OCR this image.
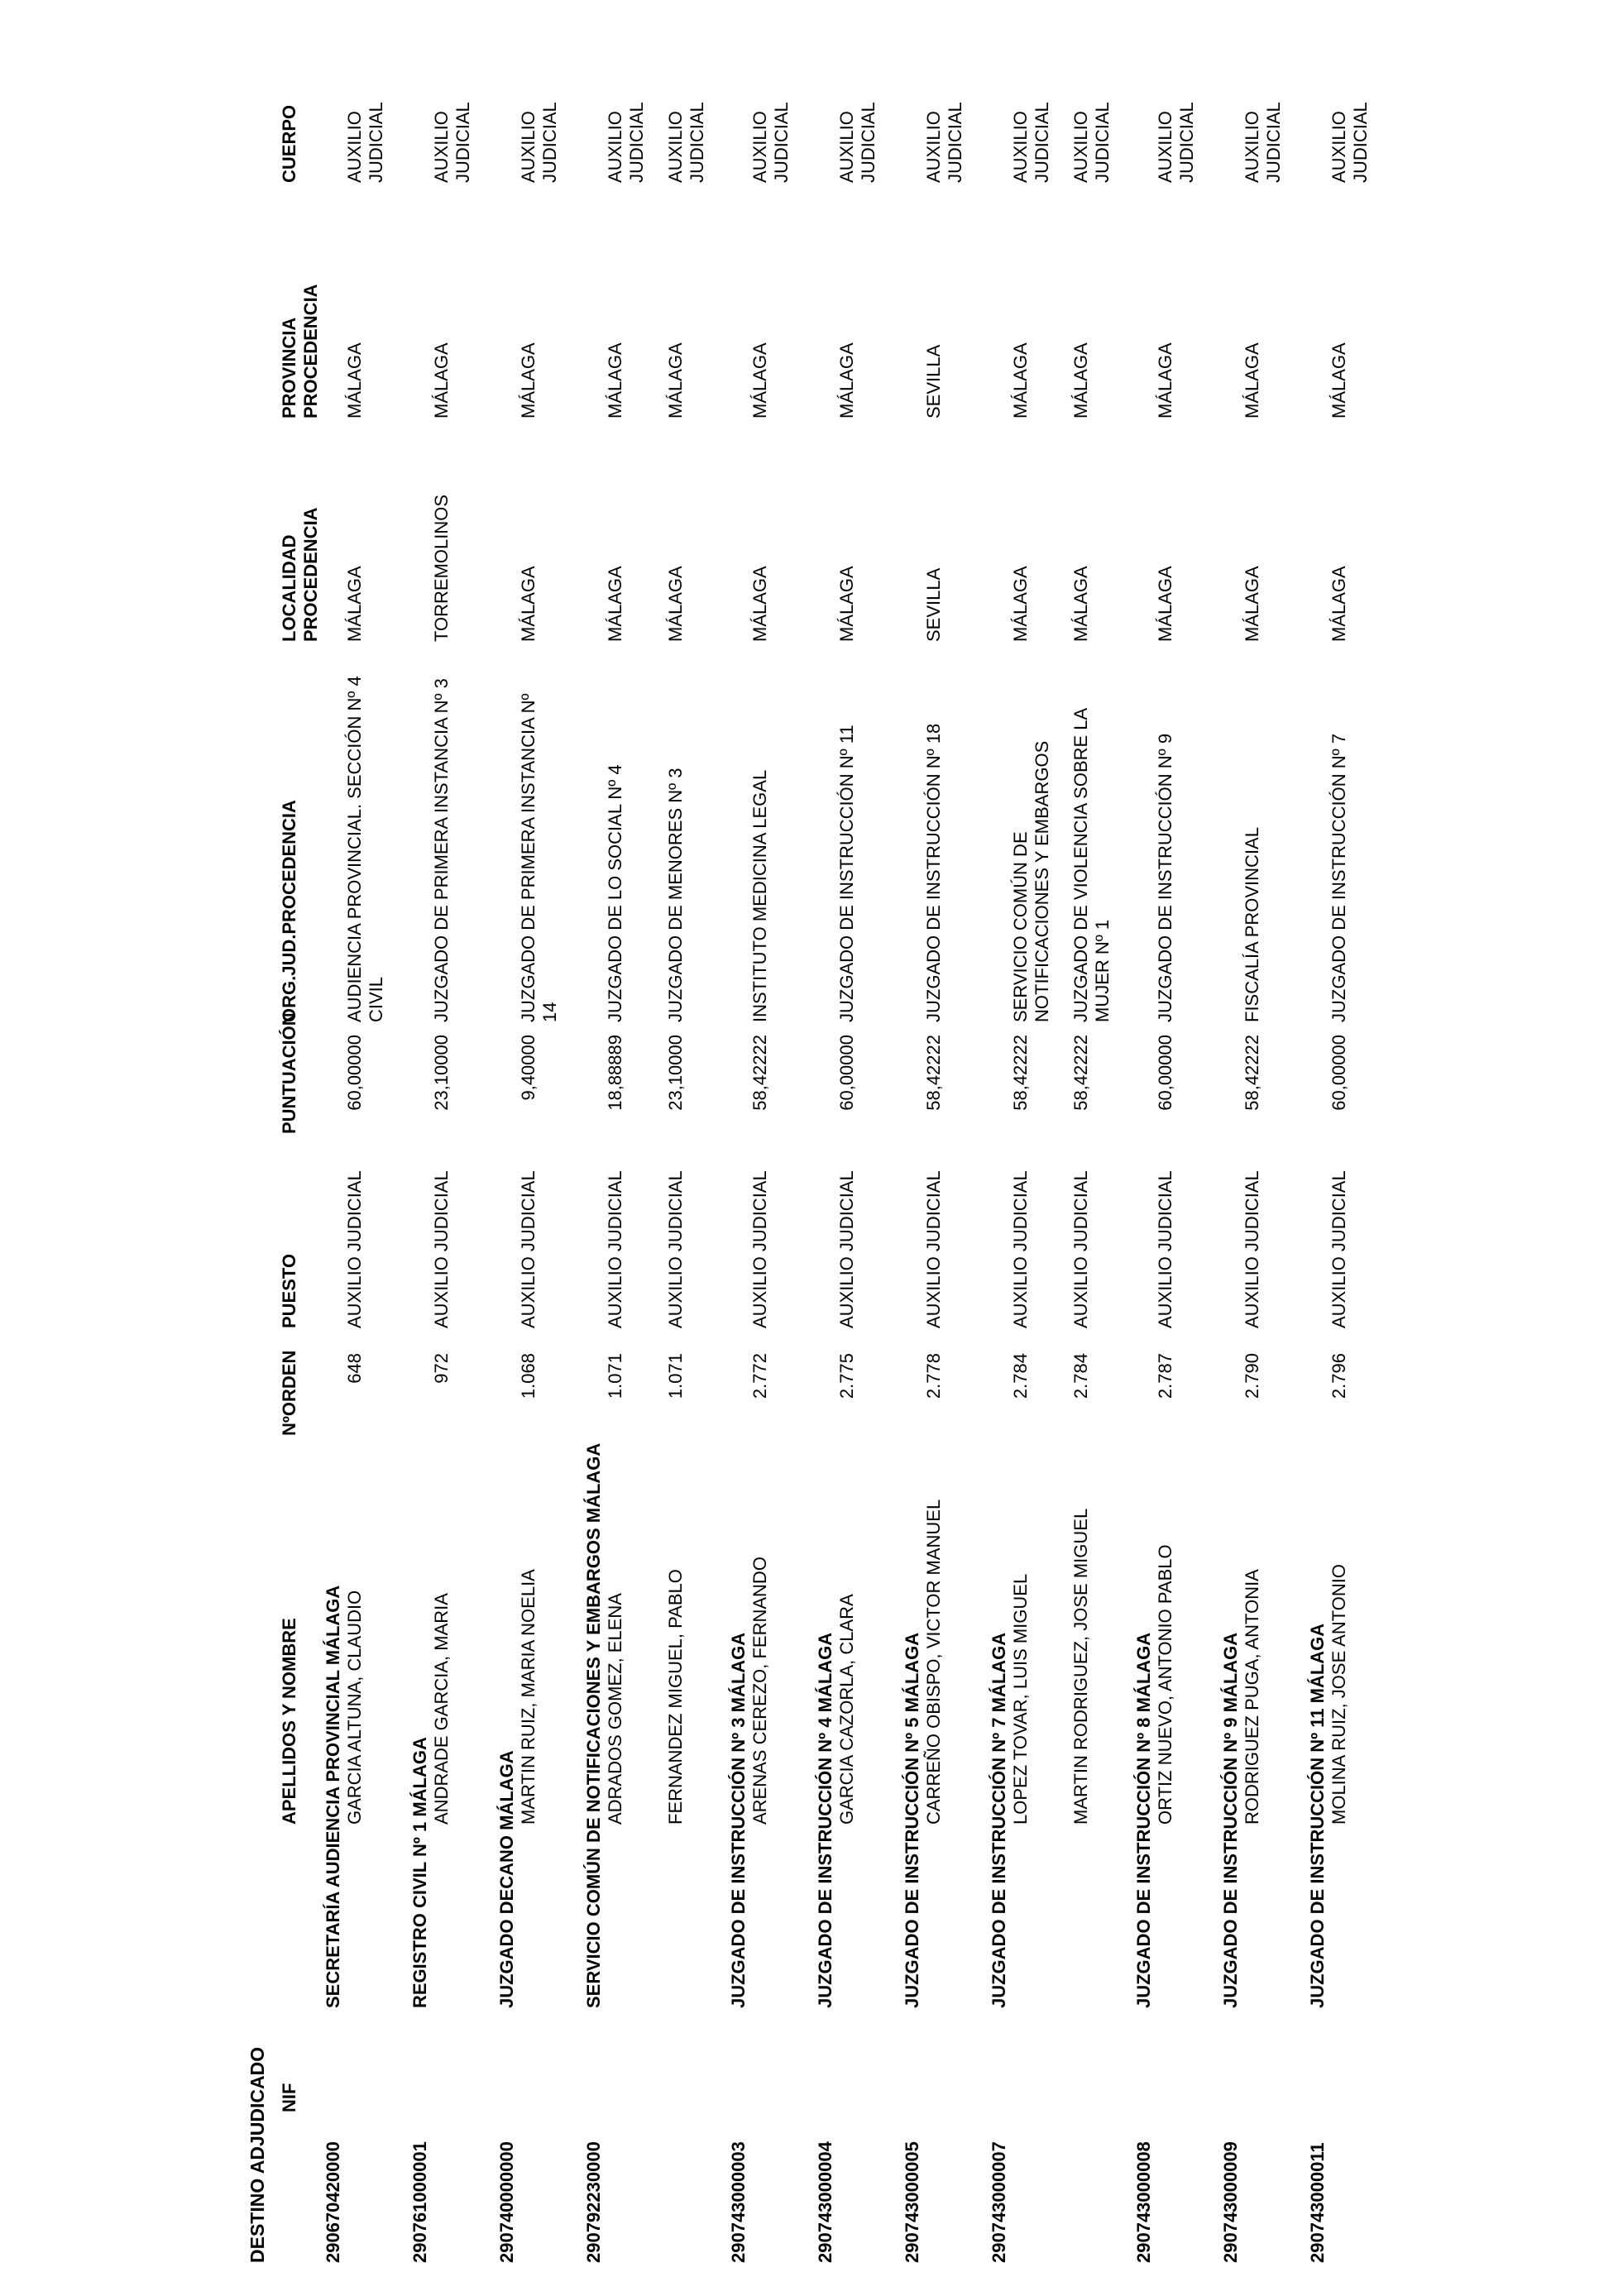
DESTINO ADJUDICADO NIF
APELLIDOS Y NOMBRE
NºORDEN
PUESTO
PUNTUACIÓN
ORG.JUD.PROCEDENCIA
LOCALIDAD PROCEDENCIA
PROVINCIA PROCEDENCIA
CUERPO
290670420000
SECRETARÍA AUDIENCIA PROVINCIAL MÁLAGA GARCIA ALTUNA, CLAUDIO
648
AUXILIO JUDICIAL
60,00000
AUDIENCIA PROVINCIAL. SECCIÓN Nº 4 CIVIL
MÁLAGA
MÁLAGA
AUXILIO JUDICIAL
290761000001
REGISTRO CIVIL Nº 1 MÁLAGA
ANDRADE GARCIA, MARIA
972
AUXILIO JUDICIAL
23,10000
JUZGADO DE PRIMERA INSTANCIA Nº 3
TORREMOLINOS
MÁLAGA
AUXILIO JUDICIAL
290740000000
JUZGADO DECANO MÁLAGA
MARTIN RUIZ, MARIA NOELIA
1.068
AUXILIO JUDICIAL
9,40000
JUZGADO DE PRIMERA INSTANCIA Nº 14
MÁLAGA
MÁLAGA
AUXILIO JUDICIAL
290792230000
SERVICIO COMÚN DE NOTIFICACIONES Y EMBARGOS MÁLAGA ADRADOS GOMEZ, ELENA
1.071
AUXILIO JUDICIAL
18,88889
JUZGADO DE LO SOCIAL Nº 4
MÁLAGA
MÁLAGA
AUXILIO JUDICIAL
FERNANDEZ MIGUEL, PABLO
1.071
AUXILIO JUDICIAL
23,10000
JUZGADO DE MENORES Nº 3
MÁLAGA
MÁLAGA
AUXILIO JUDICIAL
290743000003
JUZGADO DE INSTRUCCIÓN Nº 3 MÁLAGA ARENAS CEREZO, FERNANDO
2.772
AUXILIO JUDICIAL
58,42222
INSTITUTO MEDICINA LEGAL
MÁLAGA
MÁLAGA
AUXILIO JUDICIAL
290743000004
JUZGADO DE INSTRUCCIÓN Nº 4 MÁLAGA GARCIA CAZORLA, CLARA
2.775
AUXILIO JUDICIAL
60,00000
JUZGADO DE INSTRUCCIÓN Nº 11
MÁLAGA
MÁLAGA
AUXILIO JUDICIAL
290743000005
JUZGADO DE INSTRUCCIÓN Nº 5 MÁLAGA CARREÑO OBISPO, VICTOR MANUEL
2.778
AUXILIO JUDICIAL
58,42222
JUZGADO DE INSTRUCCIÓN Nº 18
SEVILLA
SEVILLA
AUXILIO JUDICIAL
290743000007
JUZGADO DE INSTRUCCIÓN Nº 7 MÁLAGA LOPEZ TOVAR, LUIS MIGUEL
2.784
AUXILIO JUDICIAL
58,42222
SERVICIO COMÚN DE NOTIFICACIONES Y EMBARGOS
MÁLAGA
MÁLAGA
AUXILIO JUDICIAL
MARTIN RODRIGUEZ, JOSE MIGUEL
2.784
AUXILIO JUDICIAL
58,42222
JUZGADO DE VIOLENCIA SOBRE LA MUJER Nº 1
MÁLAGA
MÁLAGA
AUXILIO JUDICIAL
290743000008
JUZGADO DE INSTRUCCIÓN Nº 8 MÁLAGA ORTIZ NUEVO, ANTONIO PABLO
2.787
AUXILIO JUDICIAL
60,00000
JUZGADO DE INSTRUCCIÓN Nº 9
MÁLAGA
MÁLAGA
AUXILIO JUDICIAL
290743000009
JUZGADO DE INSTRUCCIÓN Nº 9 MÁLAGA RODRIGUEZ PUGA, ANTONIA
2.790
AUXILIO JUDICIAL
58,42222
FISCALÍA PROVINCIAL
MÁLAGA
MÁLAGA
AUXILIO JUDICIAL
290743000011
JUZGADO DE INSTRUCCIÓN Nº 11 MÁLAGA MOLINA RUIZ, JOSE ANTONIO
2.796
AUXILIO JUDICIAL
60,00000
JUZGADO DE INSTRUCCIÓN Nº 7
MÁLAGA
MÁLAGA
AUXILIO JUDICIAL
